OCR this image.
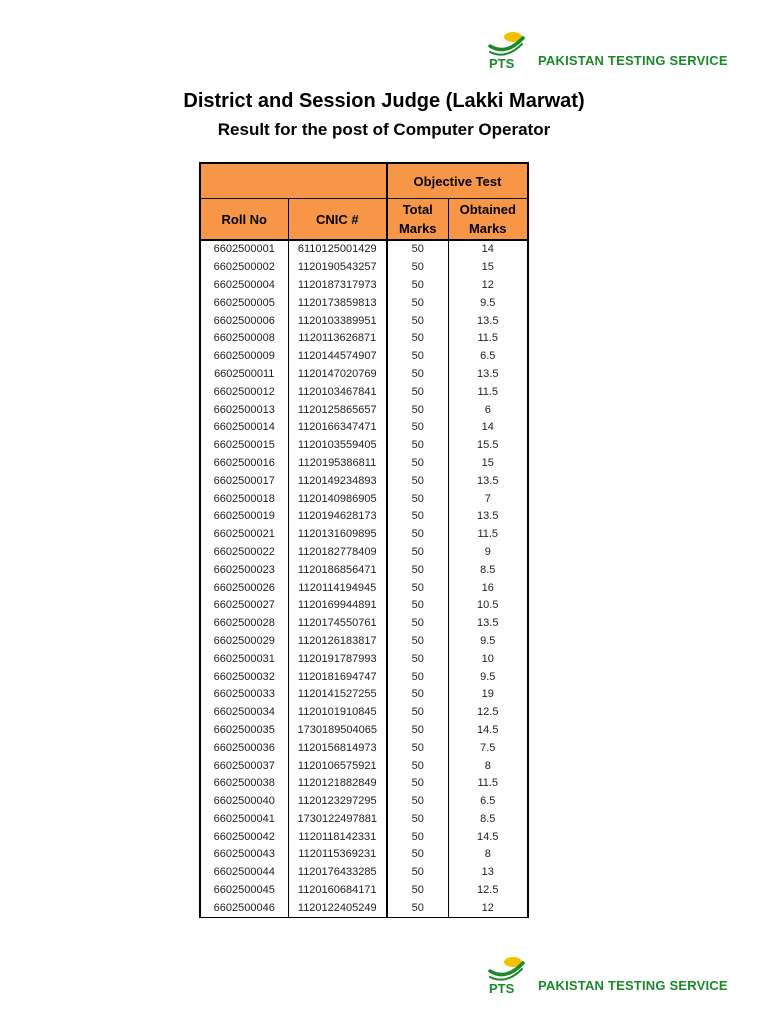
PTS PAKISTAN TESTING SERVICE
District and Session Judge (Lakki Marwat)
Result for the post of Computer Operator
		Objective Test	
Roll No	CNIC #	Total Marks	Obtained Marks
6602500001	6110125001429	50	14
6602500002	1120190543257	50	15
6602500004	1120187317973	50	12
6602500005	1120173859813	50	9.5
6602500006	1120103389951	50	13.5
6602500008	1120113626871	50	11.5
6602500009	1120144574907	50	6.5
6602500011	1120147020769	50	13.5
6602500012	1120103467841	50	11.5
6602500013	1120125865657	50	6
6602500014	1120166347471	50	14
6602500015	1120103559405	50	15.5
6602500016	1120195386811	50	15
6602500017	1120149234893	50	13.5
6602500018	1120140986905	50	7
6602500019	1120194628173	50	13.5
6602500021	1120131609895	50	11.5
6602500022	1120182778409	50	9
6602500023	1120186856471	50	8.5
6602500026	1120114194945	50	16
6602500027	1120169944891	50	10.5
6602500028	1120174550761	50	13.5
6602500029	1120126183817	50	9.5
6602500031	1120191787993	50	10
6602500032	1120181694747	50	9.5
6602500033	1120141527255	50	19
6602500034	1120101910845	50	12.5
6602500035	1730189504065	50	14.5
6602500036	1120156814973	50	7.5
6602500037	1120106575921	50	8
6602500038	1120121882849	50	11.5
6602500040	1120123297295	50	6.5
6602500041	1730122497881	50	8.5
6602500042	1120118142331	50	14.5
6602500043	1120115369231	50	8
6602500044	1120176433285	50	13
6602500045	1120160684171	50	12.5
6602500046	1120122405249	50	12
PTS PAKISTAN TESTING SERVICE
